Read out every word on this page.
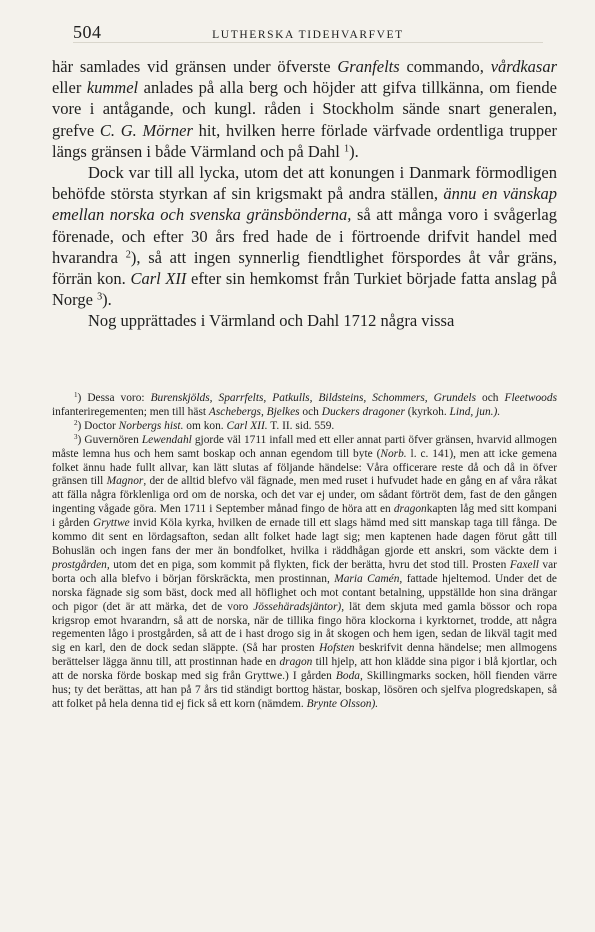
504	LUTHERSKA TIDEHVARFVET

här samlades vid gränsen under öfverste Granfelts commando, vårdkasar eller kummel anlades på alla berg och höjder att gifva tillkänna, om fiende vore i antågande, och kungl. råden i Stockholm sände snart generalen, grefve C. G. Mörner hit, hvilken herre förlade värfvade ordentliga trupper längs gränsen i både Värmland och på Dahl $^1$).

Dock var till all lycka, utom det att konungen i Danmark förmodligen behöfde största styrkan af sin krigsmakt på andra ställen, ännu en vänskap emellan norska och svenska gränsbönderna, så att många voro i svågerlag förenade, och efter 30 års fred hade de i förtroende drifvit handel med hvarandra $^2$), så att ingen synnerlig fiendtlighet förspordes åt vår gräns, förrän kon. Carl XII efter sin hemkomst från Turkiet började fatta anslag på Norge $^3$).

Nog upprättades i Värmland och Dahl 1712 några vissa

$^1$) Dessa voro: Burenskjölds, Sparrfelts, Patkulls, Bildsteins, Schommers, Grundels och Fleetwoods infanteriregementen; men till häst Aschebergs, Bjelkes och Duckers dragoner (kyrkoh. Lind, jun.).

$^2$) Doctor Norbergs hist. om kon. Carl XII. T. II. sid. 559.

$^3$) Guvernören Lewendahl gjorde väl 1711 infall med ett eller annat parti öfver gränsen, hvarvid allmogen måste lemna hus och hem samt boskap och annan egendom till byte (Norb. l. c. 141), men att icke gemena folket ännu hade fullt allvar, kan lätt slutas af följande händelse: Våra officerare reste då och då in öfver gränsen till Magnor, der de alltid blefvo väl fägnade, men med ruset i hufvudet hade en gång en af våra råkat att fälla några förklenliga ord om de norska, och det var ej under, om sådant förtröt dem, fast de den gången ingenting vågade göra. Men 1711 i September månad fingo de höra att en dragonkapten låg med sitt kompani i gården Gryttwe invid Köla kyrka, hvilken de ernade till ett slags hämd med sitt manskap taga till fånga. De kommo dit sent en lördagsafton, sedan allt folket hade lagt sig; men kaptenen hade dagen förut gått till Bohuslän och ingen fans der mer än bondfolket, hvilka i räddhågan gjorde ett anskri, som väckte dem i prostgården, utom det en piga, som kommit på flykten, fick der berätta, hvru det stod till. Prosten Faxell var borta och alla blefvo i början förskräckta, men prostinnan, Maria Camén, fattade hjeltemod. Under det de norska fägnade sig som bäst, dock med all höflighet och mot contant betalning, uppställde hon sina drängar och pigor (det är att märka, det de voro Jössehäradsjäntor), lät dem skjuta med gamla bössor och ropa krigsrop emot hvarandrn, så att de norska, när de tillika fingo höra klockorna i kyrktornet, trodde, att några regementen lågo i prostgården, så att de i hast drogo sig in åt skogen och hem igen, sedan de likväl tagit med sig en karl, den de dock sedan släppte. (Så har prosten Hofsten beskrifvit denna händelse; men allmogens berättelser lägga ännu till, att prostinnan hade en dragon till hjelp, att hon klädde sina pigor i blå kjortlar, och att de norska förde boskap med sig från Gryttwe.) I gården Boda, Skillingmarks socken, höll fienden värre hus; ty det berättas, att han på 7 års tid ständigt borttog hästar, boskap, lösören och sjelfva plogredskapen, så att folket på hela denna tid ej fick så ett korn (nämdem. Brynte Olsson).
